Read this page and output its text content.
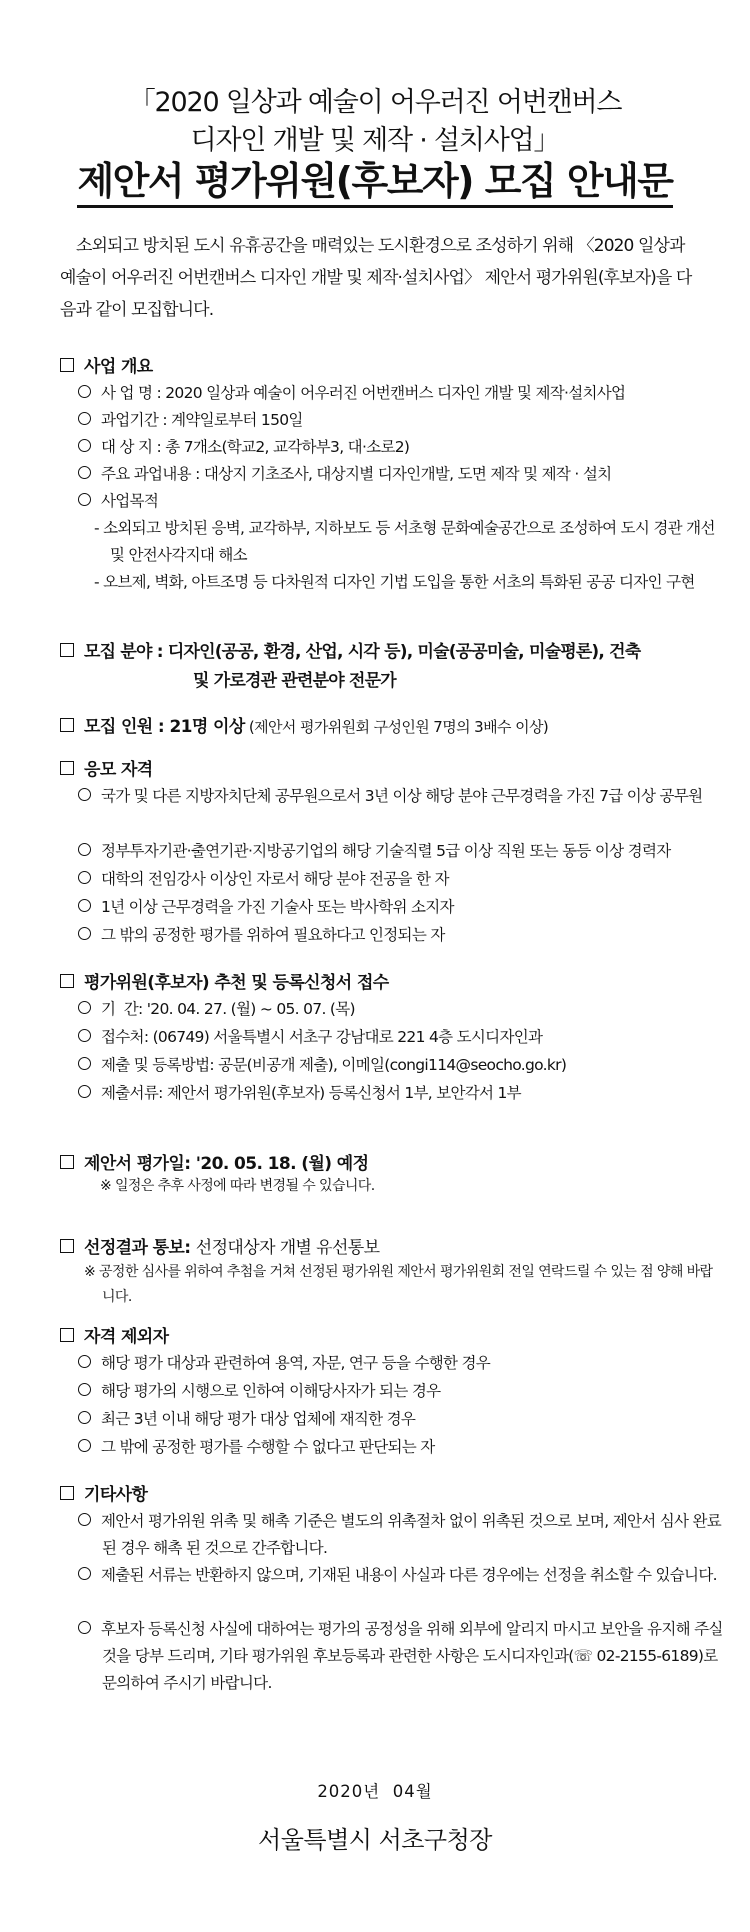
「2020 일상과 예술이 어우러진 어번캔버스
디자인 개발 및 제작 · 설치사업」
제안서 평가위원(후보자) 모집 안내문
소외되고 방치된 도시 유휴공간을 매력있는 도시환경으로 조성하기 위해 〈2020 일상과 예술이 어우러진 어번캔버스 디자인 개발 및 제작·설치사업〉 제안서 평가위원(후보자)을 다음과 같이 모집합니다.
사업 개요
사 업 명 : 2020 일상과 예술이 어우러진 어번캔버스 디자인 개발 및 제작·설치사업
과업기간 : 계약일로부터 150일
대 상 지 : 총 7개소(학교2, 교각하부3, 대·소로2)
주요 과업내용 : 대상지 기초조사, 대상지별 디자인개발, 도면 제작 및 제작 · 설치
사업목적
- 소외되고 방치된 응벽, 교각하부, 지하보도 등 서초형 문화예술공간으로 조성하여 도시 경관 개선 및 안전사각지대 해소
- 오브제, 벽화, 아트조명 등 다차원적 디자인 기법 도입을 통한 서초의 특화된 공공 디자인 구현
모집 분야 : 디자인(공공, 환경, 산업, 시각 등), 미술(공공미술, 미술평론), 건축
및 가로경관 관련분야 전문가
모집 인원 : 21명 이상 (제안서 평가위원회 구성인원 7명의 3배수 이상)
응모 자격
국가 및 다른 지방자치단체 공무원으로서 3년 이상 해당 분야 근무경력을 가진 7급 이상 공무원
정부투자기관·출연기관·지방공기업의 해당 기술직렬 5급 이상 직원 또는 동등 이상 경력자
대학의 전임강사 이상인 자로서 해당 분야 전공을 한 자
1년 이상 근무경력을 가진 기술사 또는 박사학위 소지자
그 밖의 공정한 평가를 위하여 필요하다고 인정되는 자
평가위원(후보자) 추천 및 등록신청서 접수
기  간: '20. 04. 27. (월) ~ 05. 07. (목)
접수처: (06749) 서울특별시 서초구 강남대로 221 4층 도시디자인과
제출 및 등록방법: 공문(비공개 제출), 이메일(congi114@seocho.go.kr)
제출서류: 제안서 평가위원(후보자) 등록신청서 1부, 보안각서 1부
제안서 평가일: '20. 05. 18. (월) 예정
※ 일정은 추후 사정에 따라 변경될 수 있습니다.
선정결과 통보: 선정대상자 개별 유선통보
※ 공정한 심사를 위하여 추첨을 거쳐 선정된 평가위원 제안서 평가위원회 전일 연락드릴 수 있는 점 양해 바랍니다.
자격 제외자
해당 평가 대상과 관련하여 용역, 자문, 연구 등을 수행한 경우
해당 평가의 시행으로 인하여 이해당사자가 되는 경우
최근 3년 이내 해당 평가 대상 업체에 재직한 경우
그 밖에 공정한 평가를 수행할 수 없다고 판단되는 자
기타사항
제안서 평가위원 위촉 및 해촉 기준은 별도의 위촉절차 없이 위촉된 것으로 보며, 제안서 심사 완료된 경우 해촉 된 것으로 간주합니다.
제출된 서류는 반환하지 않으며, 기재된 내용이 사실과 다른 경우에는 선정을 취소할 수 있습니다.
후보자 등록신청 사실에 대하여는 평가의 공정성을 위해 외부에 알리지 마시고 보안을 유지해 주실 것을 당부 드리며, 기타 평가위원 후보등록과 관련한 사항은 도시디자인과(☏ 02-2155-6189)로 문의하여 주시기 바랍니다.
2020년  04월
서울특별시 서초구청장
